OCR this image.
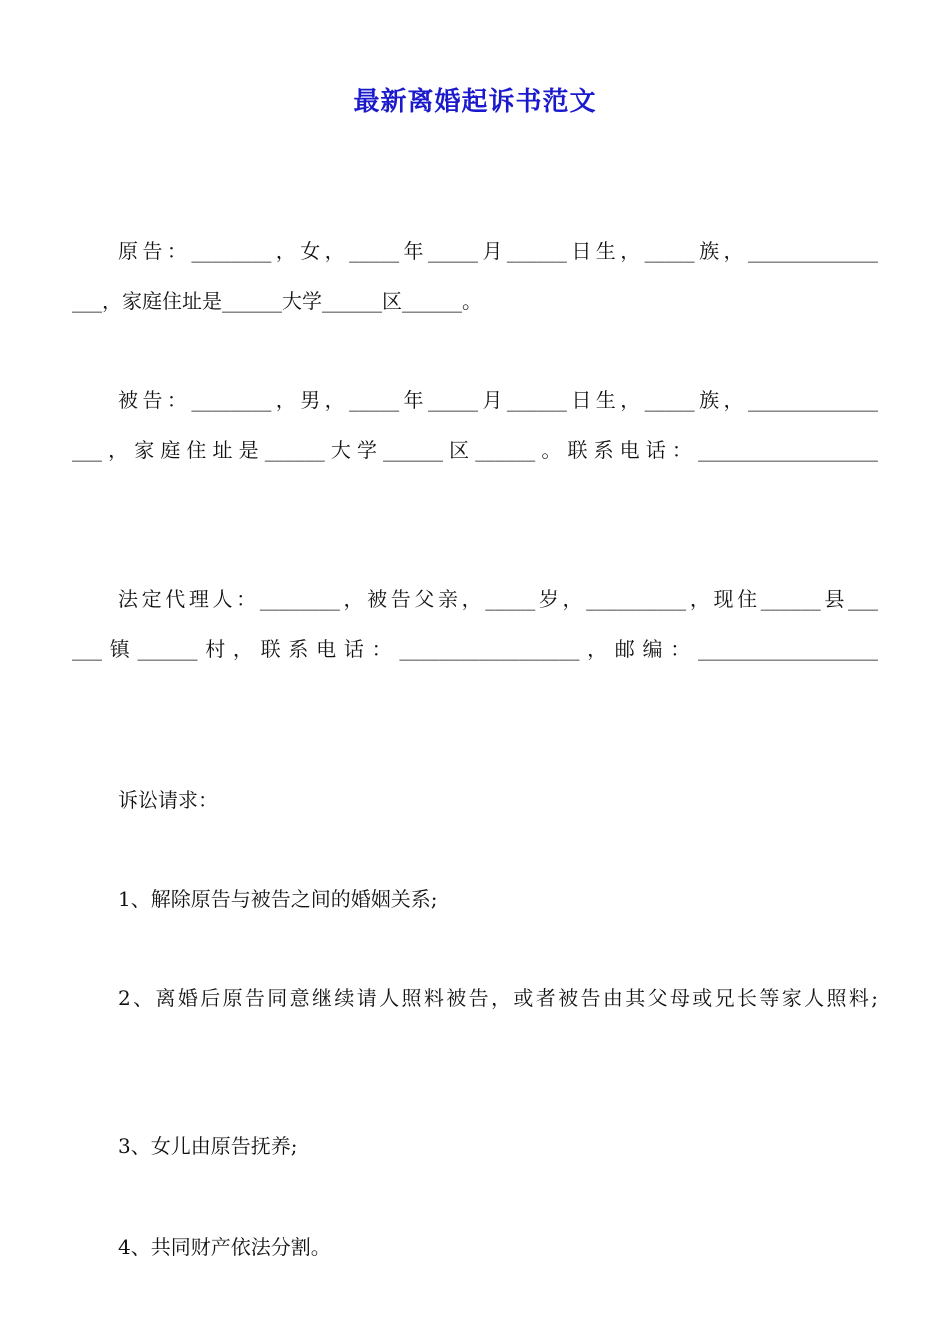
最新离婚起诉书范文
原告：________，女，_____年_____月______日生，_____族，_____________
___，家庭住址是______大学______区______。
被告：________，男，_____年_____月______日生，_____族，_____________
___，家庭住址是______大学______区______。联系电话：__________________
法定代理人：________，被告父亲，_____岁，__________，现住______县___
___镇______村，联系电话：__________________，邮编：__________________
诉讼请求：
1、解除原告与被告之间的婚姻关系;
2、离婚后原告同意继续请人照料被告，或者被告由其父母或兄长等家人照料;
3、女儿由原告抚养;
4、共同财产依法分割。
